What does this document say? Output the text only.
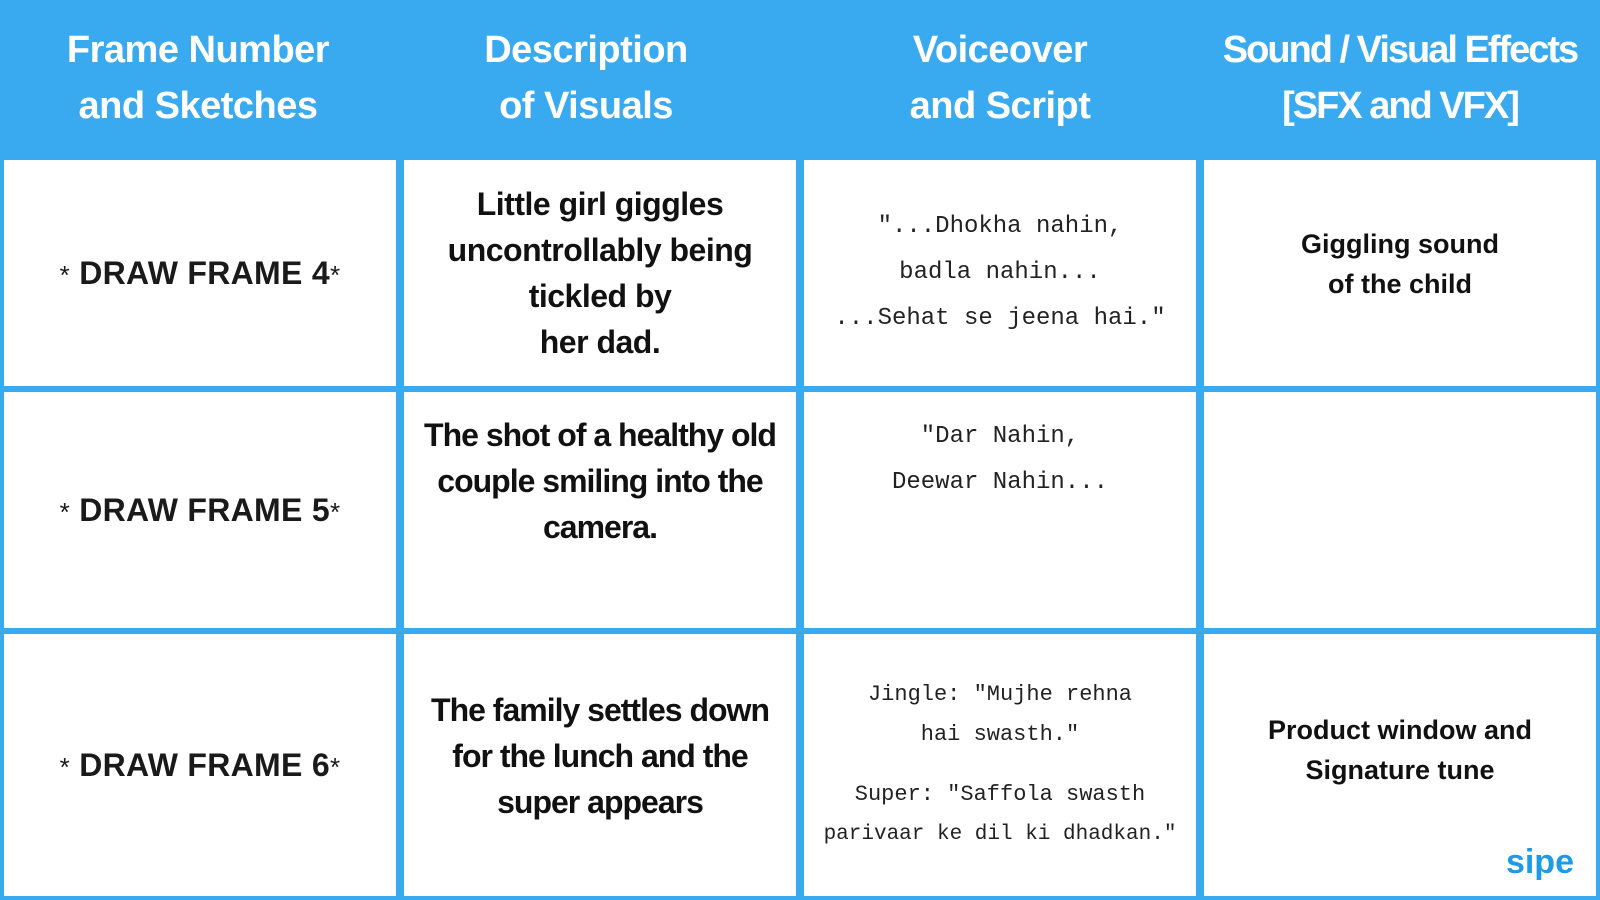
Frame Number
and Sketches
Description
of Visuals
Voiceover
and Script
Sound / Visual Effects
[SFX and VFX]
* DRAW FRAME 4*
Little girl giggles
uncontrollably being
tickled by
her dad.
"...Dhokha nahin,
badla nahin...
...Sehat se jeena hai."
Giggling sound
of the child
* DRAW FRAME 5*
The shot of a healthy old
couple smiling into the
camera.
"Dar Nahin,
Deewar Nahin...
* DRAW FRAME 6*
The family settles down
for the lunch and the
super appears
Jingle: "Mujhe rehna
hai swasth."
Super: "Saffola swasth
parivaar ke dil ki dhadkan."
Product window and
Signature tune
sipe
